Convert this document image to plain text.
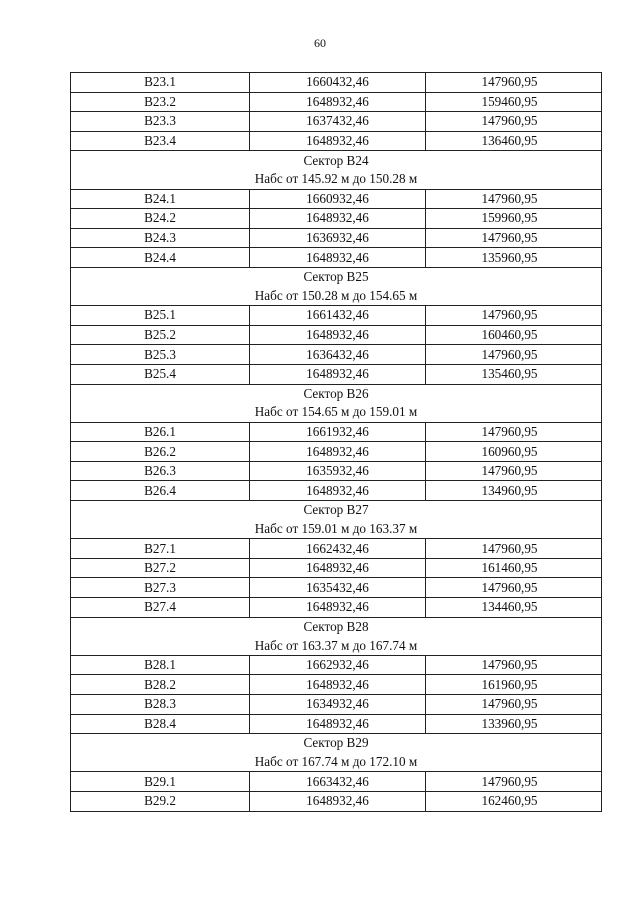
60
B23.1	1660432,46	147960,95
B23.2	1648932,46	159460,95
B23.3	1637432,46	147960,95
B23.4	1648932,46	136460,95
Сектор B24		
Набс от 145.92 м до 150.28 м		
B24.1	1660932,46	147960,95
B24.2	1648932,46	159960,95
B24.3	1636932,46	147960,95
B24.4	1648932,46	135960,95
Сектор B25		
Набс от 150.28 м до 154.65 м		
B25.1	1661432,46	147960,95
B25.2	1648932,46	160460,95
B25.3	1636432,46	147960,95
B25.4	1648932,46	135460,95
Сектор B26		
Набс от 154.65 м до 159.01 м		
B26.1	1661932,46	147960,95
B26.2	1648932,46	160960,95
B26.3	1635932,46	147960,95
B26.4	1648932,46	134960,95
Сектор B27		
Набс от 159.01 м до 163.37 м		
B27.1	1662432,46	147960,95
B27.2	1648932,46	161460,95
B27.3	1635432,46	147960,95
B27.4	1648932,46	134460,95
Сектор B28		
Набс от 163.37 м до 167.74 м		
B28.1	1662932,46	147960,95
B28.2	1648932,46	161960,95
B28.3	1634932,46	147960,95
B28.4	1648932,46	133960,95
Сектор B29		
Набс от 167.74 м до 172.10 м		
B29.1	1663432,46	147960,95
B29.2	1648932,46	162460,95
